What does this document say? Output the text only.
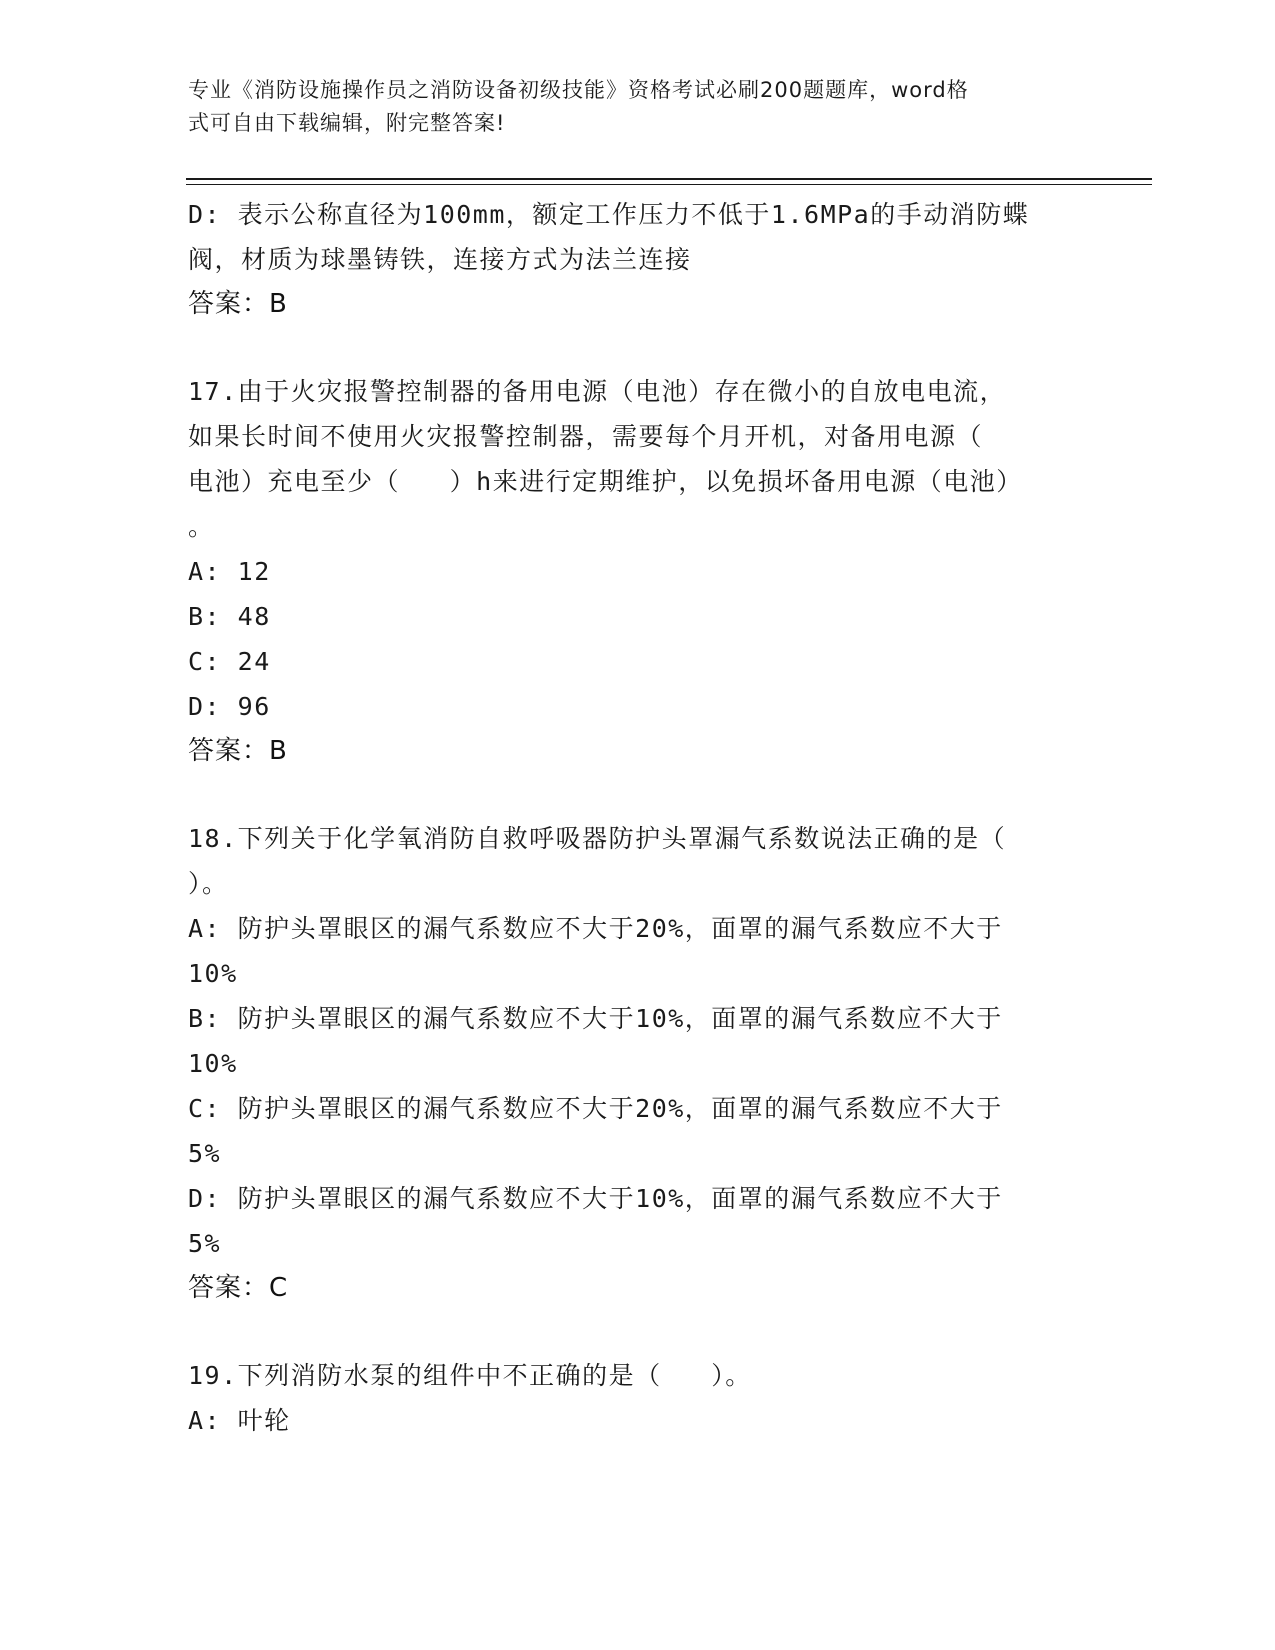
专业《消防设施操作员之消防设备初级技能》资格考试必刷200题题库，word格
式可自由下载编辑，附完整答案!
D: 表示公称直径为100mm，额定工作压力不低于1.6MPa的手动消防蝶
阀，材质为球墨铸铁，连接方式为法兰连接
答案：B
17.由于火灾报警控制器的备用电源（电池）存在微小的自放电电流，
如果长时间不使用火灾报警控制器，需要每个月开机，对备用电源（
电池）充电至少（   ）h来进行定期维护，以免损坏备用电源（电池）
。
A: 12
B: 48
C: 24
D: 96
答案：B
18.下列关于化学氧消防自救呼吸器防护头罩漏气系数说法正确的是（
）。
A: 防护头罩眼区的漏气系数应不大于20%，面罩的漏气系数应不大于
10%
B: 防护头罩眼区的漏气系数应不大于10%，面罩的漏气系数应不大于
10%
C: 防护头罩眼区的漏气系数应不大于20%，面罩的漏气系数应不大于
5%
D: 防护头罩眼区的漏气系数应不大于10%，面罩的漏气系数应不大于
5%
答案：C
19.下列消防水泵的组件中不正确的是（   ）。
A: 叶轮
